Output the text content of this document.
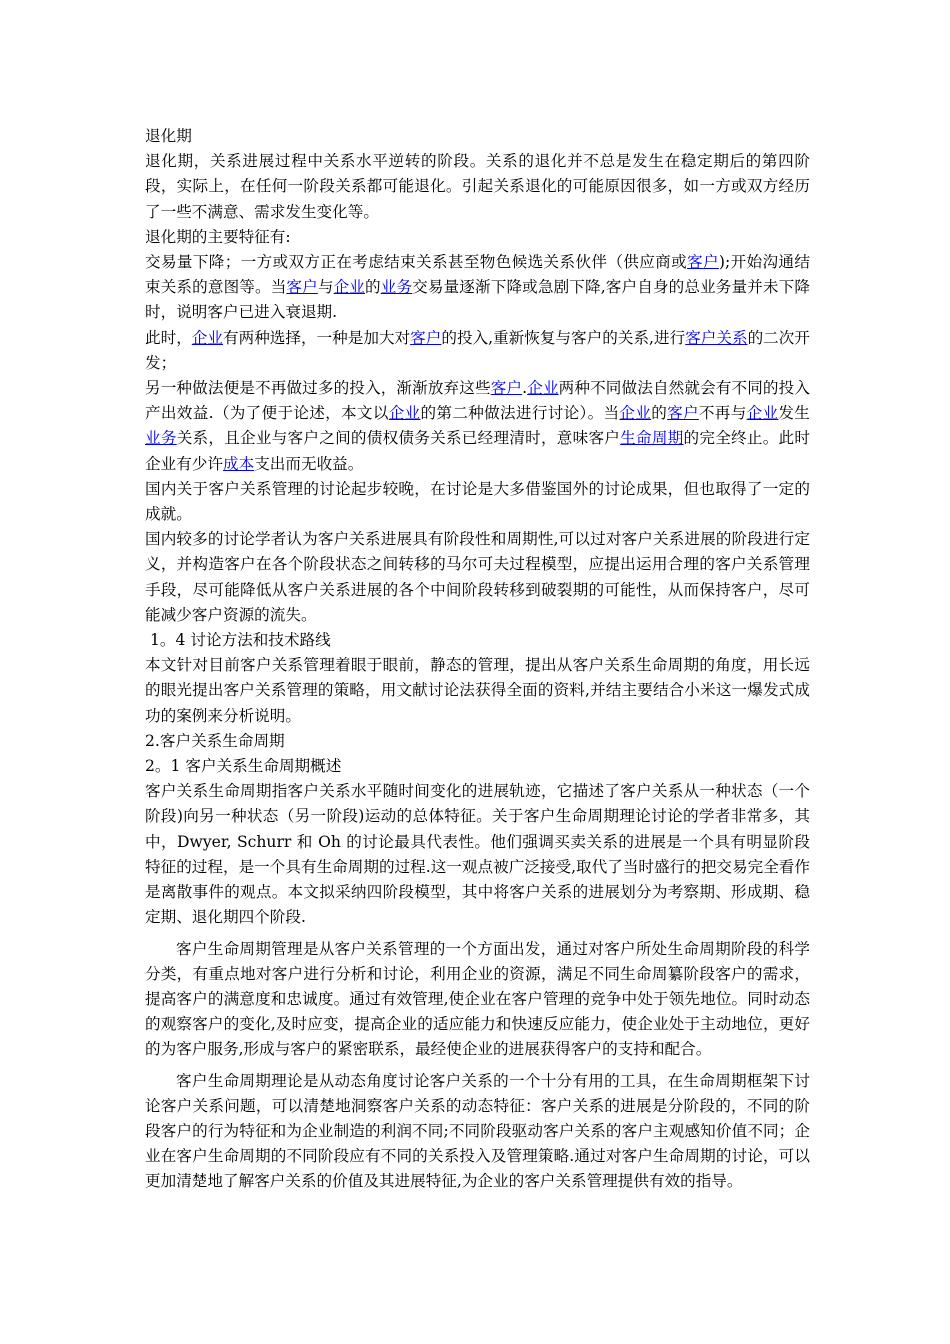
退化期

退化期，关系进展过程中关系水平逆转的阶段。关系的退化并不总是发生在稳定期后的第四阶段，实际上，在任何一阶段关系都可能退化。引起关系退化的可能原因很多，如一方或双方经历了一些不满意、需求发生变化等。

退化期的主要特征有:

交易量下降；一方或双方正在考虑结束关系甚至物色候选关系伙伴（供应商或客户);开始沟通结束关系的意图等。当客户与企业的业务交易量逐渐下降或急剧下降,客户自身的总业务量并未下降时，说明客户已进入衰退期.

此时，企业有两种选择，一种是加大对客户的投入,重新恢复与客户的关系,进行客户关系的二次开发；

另一种做法便是不再做过多的投入，渐渐放弃这些客户.企业两种不同做法自然就会有不同的投入产出效益.（为了便于论述，本文以企业的第二种做法进行讨论）。当企业的客户不再与企业发生业务关系，且企业与客户之间的债权债务关系已经理清时，意味客户生命周期的完全终止。此时企业有少许成本支出而无收益。

国内关于客户关系管理的讨论起步较晚，在讨论是大多借鉴国外的讨论成果，但也取得了一定的成就。

国内较多的讨论学者认为客户关系进展具有阶段性和周期性,可以过对客户关系进展的阶段进行定义，并构造客户在各个阶段状态之间转移的马尔可夫过程模型，应提出运用合理的客户关系管理手段，尽可能降低从客户关系进展的各个中间阶段转移到破裂期的可能性，从而保持客户，尽可能减少客户资源的流失。

1。4 讨论方法和技术路线

本文针对目前客户关系管理着眼于眼前，静态的管理，提出从客户关系生命周期的角度，用长远的眼光提出客户关系管理的策略，用文献讨论法获得全面的资料,并结主要结合小米这一爆发式成功的案例来分析说明。

2.客户关系生命周期

2。1 客户关系生命周期概述

客户关系生命周期指客户关系水平随时间变化的进展轨迹，它描述了客户关系从一种状态（一个阶段)向另一种状态（另一阶段)运动的总体特征。关于客户生命周期理论讨论的学者非常多，其中，Dwyer, Schurr 和 Oh 的讨论最具代表性。他们强调买卖关系的进展是一个具有明显阶段特征的过程，是一个具有生命周期的过程.这一观点被广泛接受,取代了当时盛行的把交易完全看作是离散事件的观点。本文拟采纳四阶段模型，其中将客户关系的进展划分为考察期、形成期、稳定期、退化期四个阶段.

客户生命周期管理是从客户关系管理的一个方面出发，通过对客户所处生命周期阶段的科学分类，有重点地对客户进行分析和讨论，利用企业的资源，满足不同生命周纂阶段客户的需求，提高客户的满意度和忠诚度。通过有效管理,使企业在客户管理的竞争中处于领先地位。同时动态的观察客户的变化,及时应变，提高企业的适应能力和快速反应能力，使企业处于主动地位，更好的为客户服务,形成与客户的紧密联系，最经使企业的进展获得客户的支持和配合。

客户生命周期理论是从动态角度讨论客户关系的一个十分有用的工具，在生命周期框架下讨论客户关系问题，可以清楚地洞察客户关系的动态特征：客户关系的进展是分阶段的，不同的阶段客户的行为特征和为企业制造的利润不同;不同阶段驱动客户关系的客户主观感知价值不同；企业在客户生命周期的不同阶段应有不同的关系投入及管理策略.通过对客户生命周期的讨论，可以更加清楚地了解客户关系的价值及其进展特征,为企业的客户关系管理提供有效的指导。
